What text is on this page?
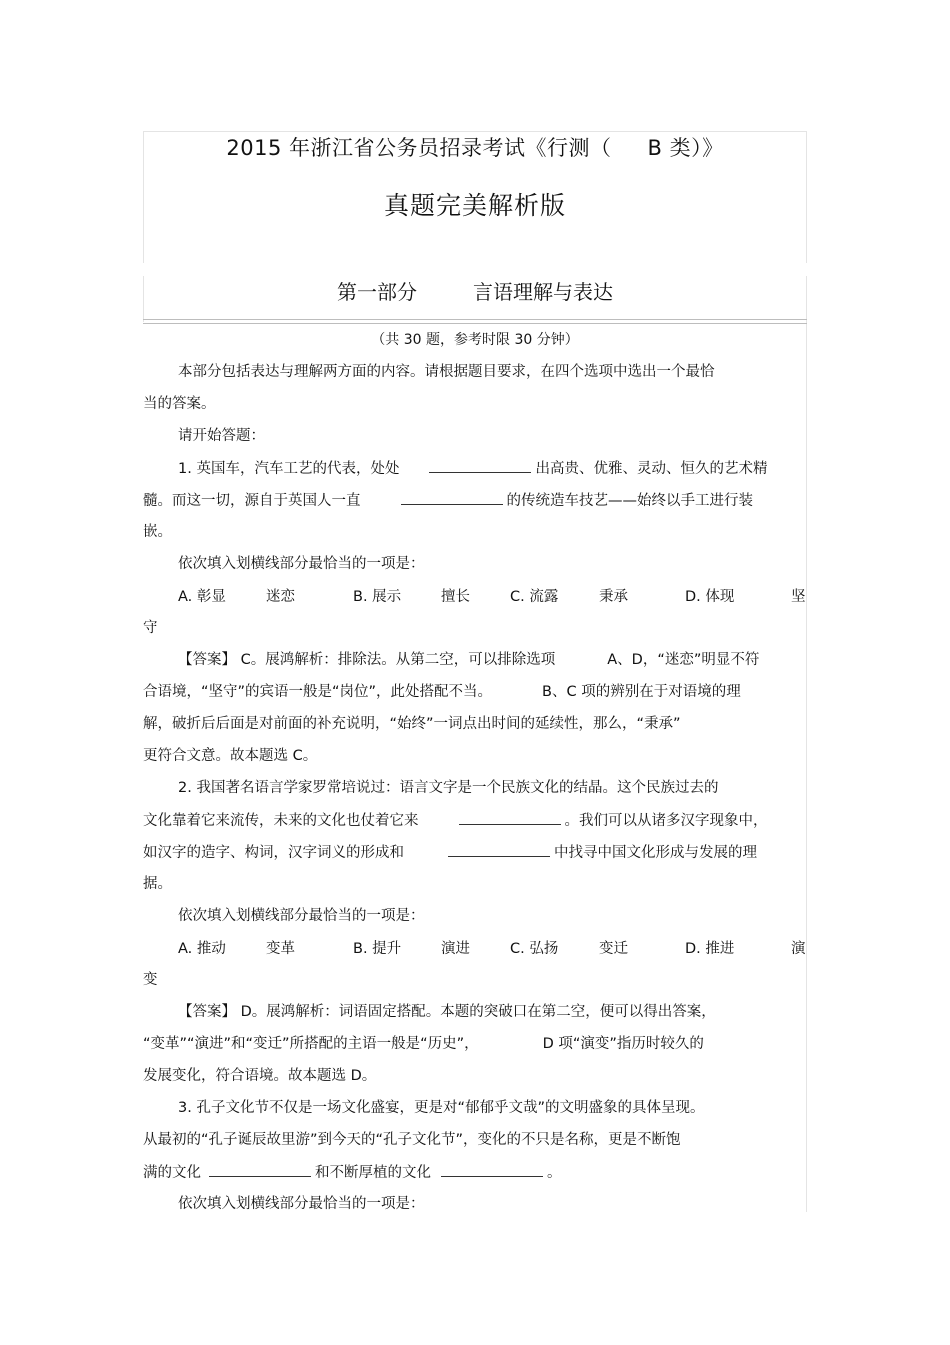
2015 年浙江省公务员招录考试《行测（ B 类）》
真题完美解析版
第一部分	言语理解与表达
（共 30 题，参考时限 30 分钟）
本部分包括表达与理解两方面的内容。请根据题目要求，在四个选项中选出一个最恰
当的答案。
请开始答题：
1. 英国车，汽车工艺的代表，处处	出高贵、优雅、灵动、恒久的艺术精
髓。而这一切，源自于英国人一直	的传统造车技艺——始终以手工进行装
嵌。
依次填入划横线部分最恰当的一项是：
A. 彰显	迷恋	B. 展示	擅长	C. 流露	秉承	D. 体现	坚
守
【答案】 C。展鸿解析：排除法。从第二空，可以排除选项	A、D，“迷恋”明显不符
合语境，“坚守”的宾语一般是“岗位”，此处搭配不当。	B、C 项的辨别在于对语境的理
解，破折后后面是对前面的补充说明，“始终”一词点出时间的延续性，那么，“秉承”
更符合文意。故本题选 C。
2. 我国著名语言学家罗常培说过：语言文字是一个民族文化的结晶。这个民族过去的
文化靠着它来流传，未来的文化也仗着它来	。我们可以从诸多汉字现象中，
如汉字的造字、构词，汉字词义的形成和	中找寻中国文化形成与发展的理
据。
依次填入划横线部分最恰当的一项是：
A. 推动	变革	B. 提升	演进	C. 弘扬	变迁	D. 推进	演
变
【答案】 D。展鸿解析：词语固定搭配。本题的突破口在第二空，便可以得出答案，
“变革”“演进”和“变迁”所搭配的主语一般是“历史”，	D 项“演变”指历时较久的
发展变化，符合语境。故本题选 D。
3. 孔子文化节不仅是一场文化盛宴，更是对“郁郁乎文哉”的文明盛象的具体呈现。
从最初的“孔子诞辰故里游”到今天的“孔子文化节”，变化的不只是名称，更是不断饱
满的文化	和不断厚植的文化	。
依次填入划横线部分最恰当的一项是：
